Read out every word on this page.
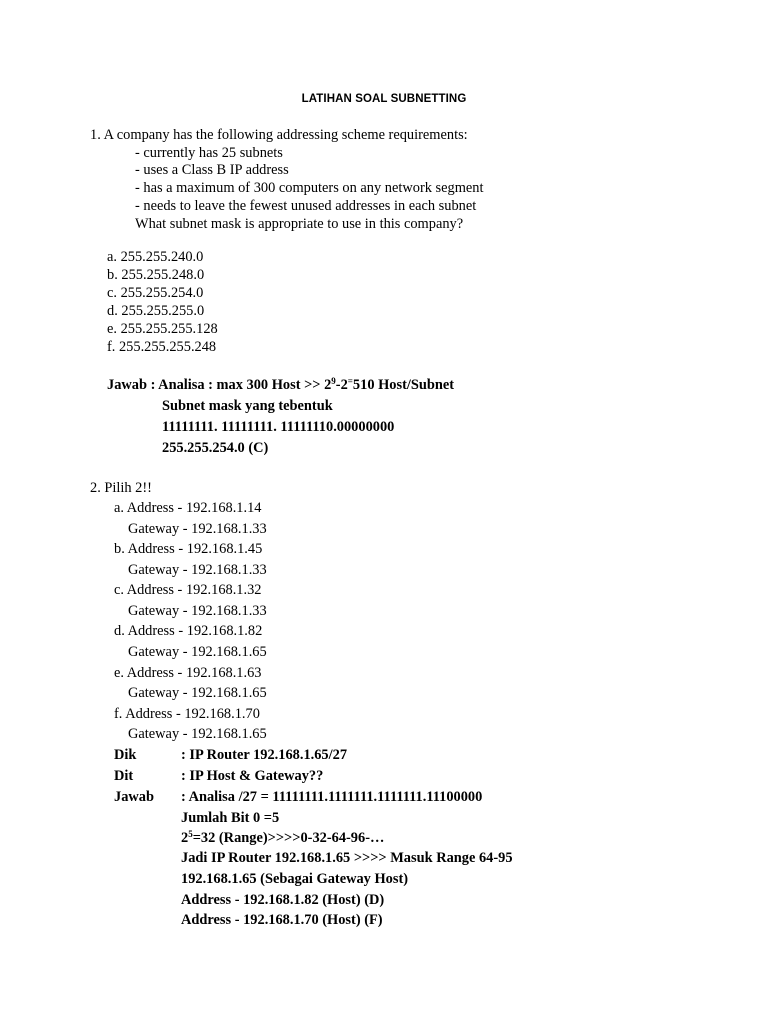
LATIHAN SOAL SUBNETTING
1. A company has the following addressing scheme requirements:
- currently has 25 subnets
- uses a Class B IP address
- has a maximum of 300 computers on any network segment
- needs to leave the fewest unused addresses in each subnet
What subnet mask is appropriate to use in this company?
a. 255.255.240.0
b. 255.255.248.0
c. 255.255.254.0
d. 255.255.255.0
e. 255.255.255.128
f. 255.255.255.248
Jawab : Analisa : max 300 Host >> $2^9-2^=510$ Host/Subnet
Subnet mask yang tebentuk
11111111. 11111111. 11111110.00000000
255.255.254.0 (C)
2. Pilih 2!!
a. Address - 192.168.1.14
Gateway - 192.168.1.33
b. Address - 192.168.1.45
Gateway - 192.168.1.33
c. Address - 192.168.1.32
Gateway - 192.168.1.33
d. Address - 192.168.1.82
Gateway - 192.168.1.65
e. Address - 192.168.1.63
Gateway - 192.168.1.65
f. Address - 192.168.1.70
Gateway - 192.168.1.65
Dik	: IP Router 192.168.1.65/27
Dit	: IP Host & Gateway??
Jawab : Analisa /27 = 11111111.1111111.1111111.11100000
Jumlah Bit 0 =5
$2^5=32$ (Range)>>>>0-32-64-96-…
Jadi IP Router 192.168.1.65 >>>> Masuk Range 64-95
192.168.1.65 (Sebagai Gateway Host)
Address - 192.168.1.82 (Host) (D)
Address - 192.168.1.70 (Host) (F)
